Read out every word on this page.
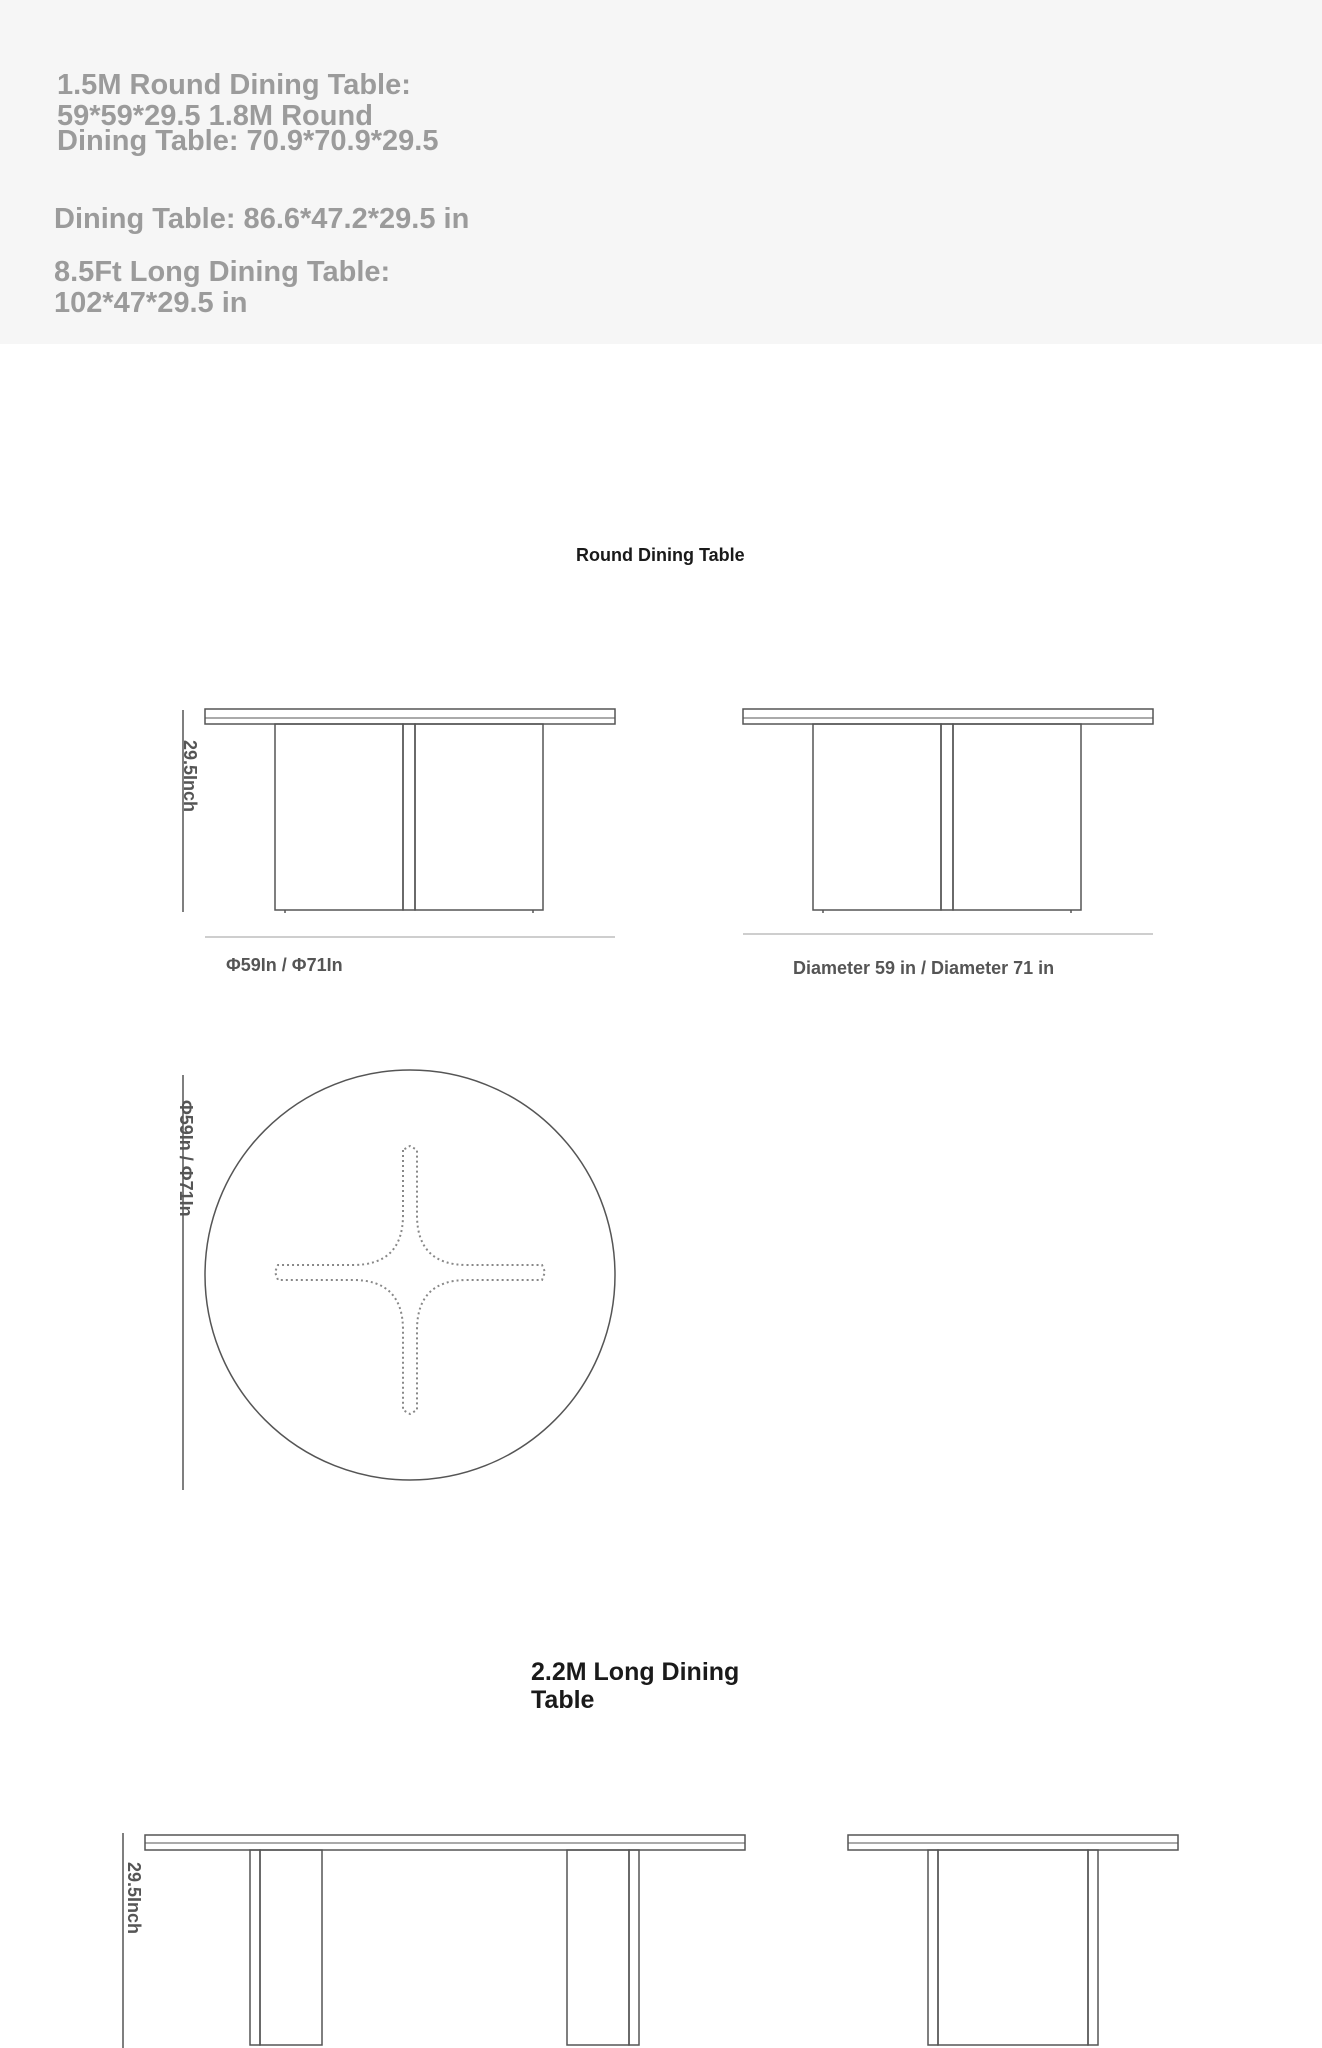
1.5M Round Dining Table:

59*59*29.5 1.8M Round

Dining Table: 70.9*70.9*29.5

Dining Table: 86.6*47.2*29.5 in

8.5Ft Long Dining Table:

102*47*29.5 in

Round Dining Table

29.5Inch
Φ59In / Φ71In	Diameter 59 in / Diameter 71 in
Φ59In / Φ71In

2.2M Long Dining
Table

29.5Inch
